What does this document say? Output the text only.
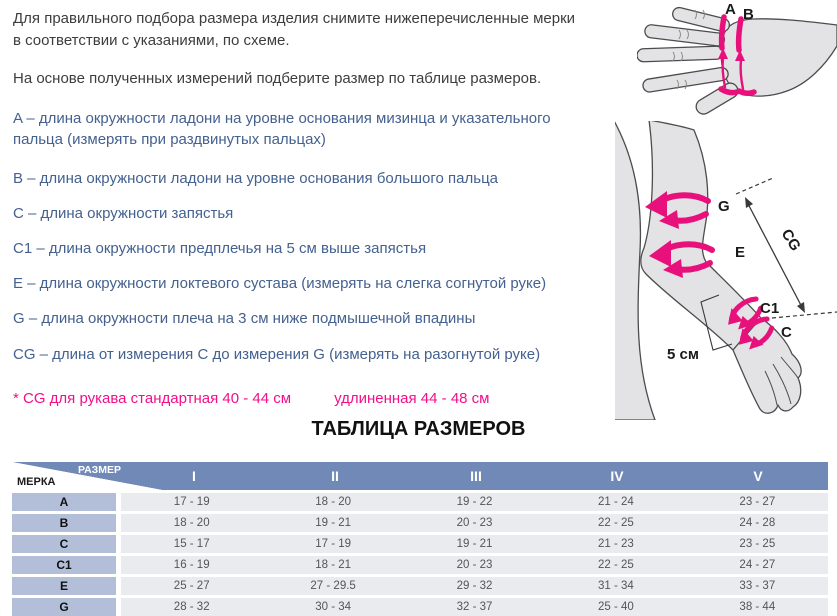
Для правильного подбора размера изделия снимите нижеперечисленные мерки в соответствии с указаниями, по схеме.
На основе полученных измерений подберите размер по таблице размеров.
A – длина окружности ладони на уровне основания мизинца и указательного пальца (измерять при раздвинутых пальцах)
B – длина окружности ладони на уровне основания большого пальца
C – длина окружности запястья
C1 – длина окружности предплечья на 5 см выше запястья
E – длина окружности локтевого сустава (измерять на слегка согнутой руке)
G – длина окружности плеча на 3 см ниже подмышечной впадины
CG – длина от измерения C до измерения G (измерять на разогнутой руке)
* CG для рукава стандартная 40 - 44 см	удлиненная 44 - 48 см
ТАБЛИЦА РАЗМЕРОВ
A B
G
E
C1
C
CG
5 см
РАЗМЕР
МЕРКА	I	II	III	IV	V
A	17 - 19	18 - 20	19 - 22	21 - 24	23 - 27
B	18 - 20	19 - 21	20 - 23	22 - 25	24 - 28
C	15 - 17	17 - 19	19 - 21	21 - 23	23 - 25
C1	16 - 19	18 - 21	20 - 23	22 - 25	24 - 27
E	25 - 27	27 - 29.5	29 - 32	31 - 34	33 - 37
G	28 - 32	30 - 34	32 - 37	25 - 40	38 - 44
